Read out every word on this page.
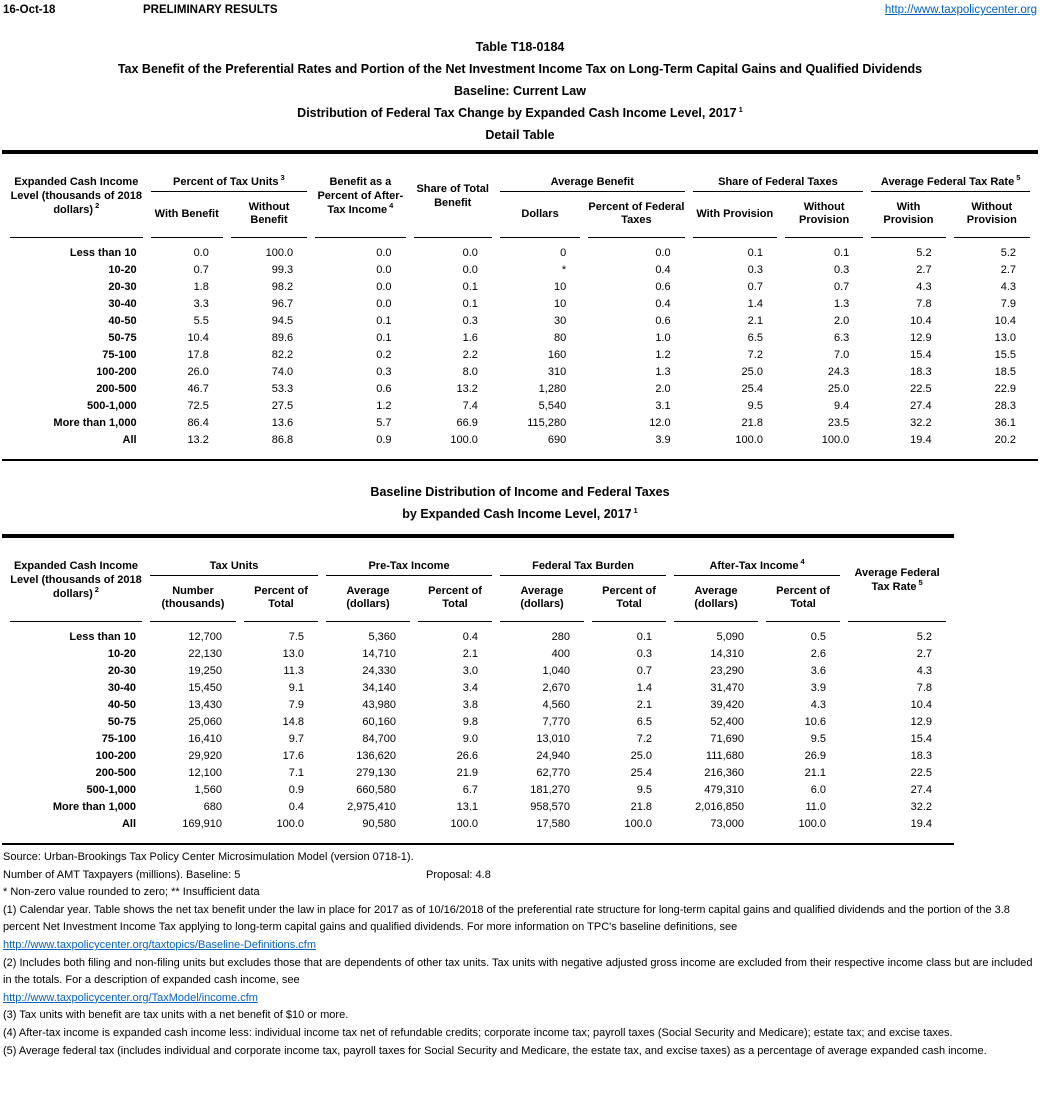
16-Oct-18	PRELIMINARY RESULTS	http://www.taxpolicycenter.org
Table T18-0184
Tax Benefit of the Preferential Rates and Portion of the Net Investment Income Tax on Long-Term Capital Gains and Qualified Dividends
Baseline: Current Law
Distribution of Federal Tax Change by Expanded Cash Income Level, 2017 $^1$
Detail Table
Expanded Cash Income Level (thousands of 2018 dollars) $^2$	Percent of Tax Units $^3$		Benefit as a Percent of After-Tax Income $^4$	Share of Total Benefit	Average Benefit		Share of Federal Taxes		Average Federal Tax Rate $^5$
	With Benefit	Without Benefit			Dollars	Percent of Federal Taxes	With Provision	Without Provision	With Provision	Without Provision
Less than 10	0.0	100.0	0.0	0.0	0	0.0	0.1	0.1	5.2	5.2
10-20	0.7	99.3	0.0	0.0	*	0.4	0.3	0.3	2.7	2.7
20-30	1.8	98.2	0.0	0.1	10	0.6	0.7	0.7	4.3	4.3
30-40	3.3	96.7	0.0	0.1	10	0.4	1.4	1.3	7.8	7.9
40-50	5.5	94.5	0.1	0.3	30	0.6	2.1	2.0	10.4	10.4
50-75	10.4	89.6	0.1	1.6	80	1.0	6.5	6.3	12.9	13.0
75-100	17.8	82.2	0.2	2.2	160	1.2	7.2	7.0	15.4	15.5
100-200	26.0	74.0	0.3	8.0	310	1.3	25.0	24.3	18.3	18.5
200-500	46.7	53.3	0.6	13.2	1,280	2.0	25.4	25.0	22.5	22.9
500-1,000	72.5	27.5	1.2	7.4	5,540	3.1	9.5	9.4	27.4	28.3
More than 1,000	86.4	13.6	5.7	66.9	115,280	12.0	21.8	23.5	32.2	36.1
All	13.2	86.8	0.9	100.0	690	3.9	100.0	100.0	19.4	20.2
Baseline Distribution of Income and Federal Taxes
by Expanded Cash Income Level, 2017 $^1$
Expanded Cash Income Level (thousands of 2018 dollars) $^2$	Tax Units		Pre-Tax Income		Federal Tax Burden		After-Tax Income $^4$		Average Federal Tax Rate $^5$
	Number (thousands)	Percent of Total	Average (dollars)	Percent of Total	Average (dollars)	Percent of Total	Average (dollars)	Percent of Total	
Less than 10	12,700	7.5	5,360	0.4	280	0.1	5,090	0.5	5.2
10-20	22,130	13.0	14,710	2.1	400	0.3	14,310	2.6	2.7
20-30	19,250	11.3	24,330	3.0	1,040	0.7	23,290	3.6	4.3
30-40	15,450	9.1	34,140	3.4	2,670	1.4	31,470	3.9	7.8
40-50	13,430	7.9	43,980	3.8	4,560	2.1	39,420	4.3	10.4
50-75	25,060	14.8	60,160	9.8	7,770	6.5	52,400	10.6	12.9
75-100	16,410	9.7	84,700	9.0	13,010	7.2	71,690	9.5	15.4
100-200	29,920	17.6	136,620	26.6	24,940	25.0	111,680	26.9	18.3
200-500	12,100	7.1	279,130	21.9	62,770	25.4	216,360	21.1	22.5
500-1,000	1,560	0.9	660,580	6.7	181,270	9.5	479,310	6.0	27.4
More than 1,000	680	0.4	2,975,410	13.1	958,570	21.8	2,016,850	11.0	32.2
All	169,910	100.0	90,580	100.0	17,580	100.0	73,000	100.0	19.4
Source: Urban-Brookings Tax Policy Center Microsimulation Model (version 0718-1).
Number of AMT Taxpayers (millions). Baseline: 5	Proposal: 4.8
* Non-zero value rounded to zero; ** Insufficient data
(1) Calendar year. Table shows the net tax benefit under the law in place for 2017 as of 10/16/2018 of the preferential rate structure for long-term capital gains and qualified dividends and the portion of the 3.8 percent Net Investment Income Tax applying to long-term capital gains and qualified dividends. For more information on TPC's baseline definitions, see
http://www.taxpolicycenter.org/taxtopics/Baseline-Definitions.cfm
(2) Includes both filing and non-filing units but excludes those that are dependents of other tax units. Tax units with negative adjusted gross income are excluded from their respective income class but are included in the totals. For a description of expanded cash income, see
http://www.taxpolicycenter.org/TaxModel/income.cfm
(3) Tax units with benefit are tax units with a net benefit of $10 or more.
(4) After-tax income is expanded cash income less: individual income tax net of refundable credits; corporate income tax; payroll taxes (Social Security and Medicare); estate tax; and excise taxes.
(5) Average federal tax (includes individual and corporate income tax, payroll taxes for Social Security and Medicare, the estate tax, and excise taxes) as a percentage of average expanded cash income.
